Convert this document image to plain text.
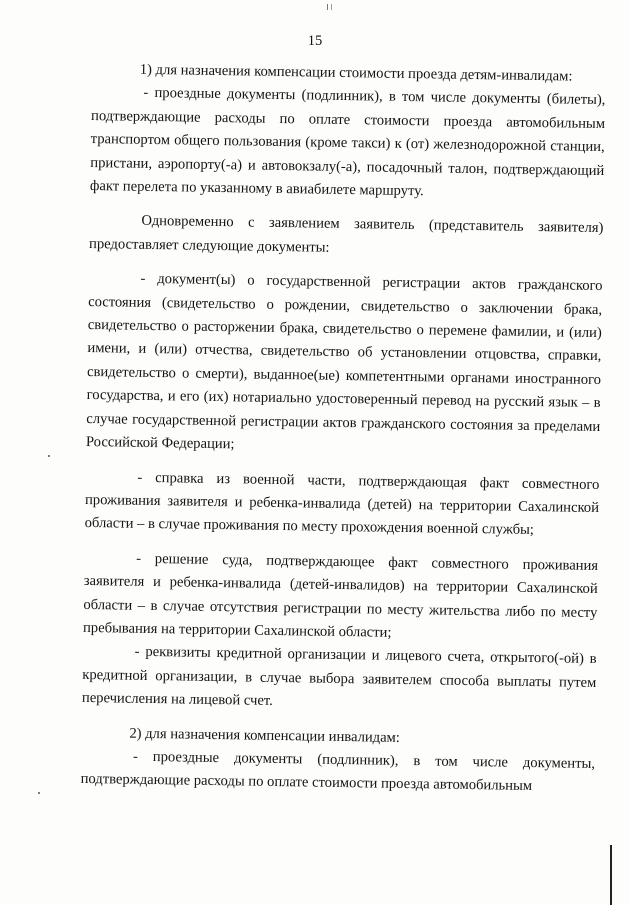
15

1) для назначения компенсации стоимости проезда детям-инвалидам:

- проездные документы (подлинник), в том числе документы (билеты), подтверждающие расходы по оплате стоимости проезда автомобильным транспортом общего пользования (кроме такси) к (от) железнодорожной станции, пристани, аэропорту(-а) и автовокзалу(-а), посадочный талон, подтверждающий факт перелета по указанному в авиабилете маршруту.

Одновременно с заявлением заявитель (представитель заявителя) предоставляет следующие документы:

- документ(ы) о государственной регистрации актов гражданского состояния (свидетельство о рождении, свидетельство о заключении брака, свидетельство о расторжении брака, свидетельство о перемене фамилии, и (или) имени, и (или) отчества, свидетельство об установлении отцовства, справки, свидетельство о смерти), выданное(ые) компетентными органами иностранного государства, и его (их) нотариально удостоверенный перевод на русский язык – в случае государственной регистрации актов гражданского состояния за пределами Российской Федерации;

- справка из военной части, подтверждающая факт совместного проживания заявителя и ребенка-инвалида (детей) на территории Сахалинской области – в случае проживания по месту прохождения военной службы;

- решение суда, подтверждающее факт совместного проживания заявителя и ребенка-инвалида (детей-инвалидов) на территории Сахалинской области – в случае отсутствия регистрации по месту жительства либо по месту пребывания на территории Сахалинской области;

- реквизиты кредитной организации и лицевого счета, открытого(-ой) в кредитной организации, в случае выбора заявителем способа выплаты путем перечисления на лицевой счет.

2) для назначения компенсации инвалидам:

- проездные документы (подлинник), в том числе документы, подтверждающие расходы по оплате стоимости проезда автомобильным
